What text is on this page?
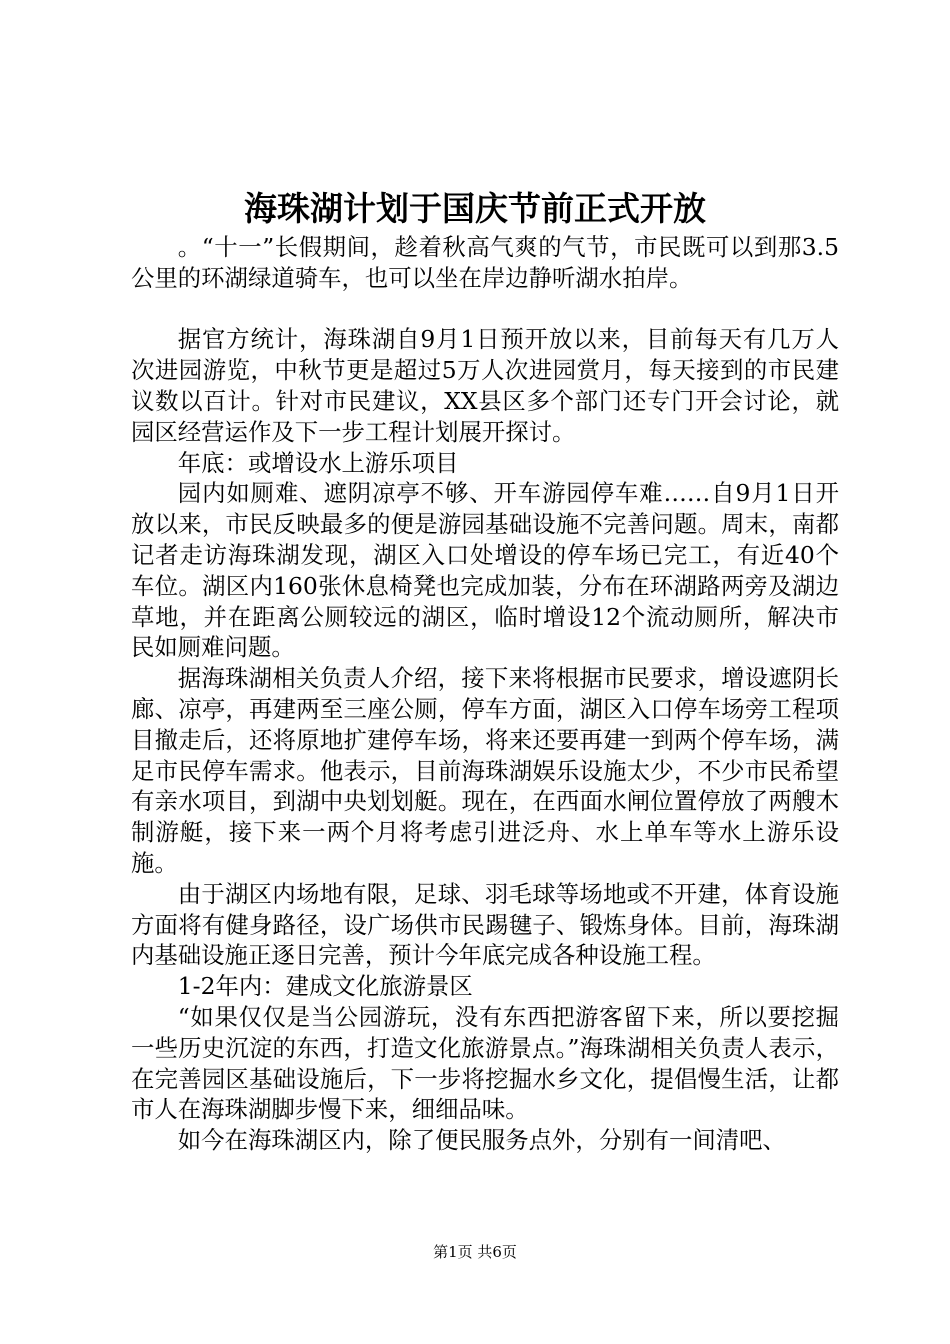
海珠湖计划于国庆节前正式开放

。“十一”长假期间，趁着秋高气爽的气节，市民既可以到那3.5公里的环湖绿道骑车，也可以坐在岸边静听湖水拍岸。

据官方统计，海珠湖自9月1日预开放以来，目前每天有几万人次进园游览，中秋节更是超过5万人次进园赏月，每天接到的市民建议数以百计。针对市民建议，XX县区多个部门还专门开会讨论，就园区经营运作及下一步工程计划展开探讨。

年底：或增设水上游乐项目

园内如厕难、遮阴凉亭不够、开车游园停车难……自9月1日开放以来，市民反映最多的便是游园基础设施不完善问题。周末，南都记者走访海珠湖发现，湖区入口处增设的停车场已完工，有近40个车位。湖区内160张休息椅凳也完成加装，分布在环湖路两旁及湖边草地，并在距离公厕较远的湖区，临时增设12个流动厕所，解决市民如厕难问题。

据海珠湖相关负责人介绍，接下来将根据市民要求，增设遮阴长廊、凉亭，再建两至三座公厕，停车方面，湖区入口停车场旁工程项目撤走后，还将原地扩建停车场，将来还要再建一到两个停车场，满足市民停车需求。他表示，目前海珠湖娱乐设施太少，不少市民希望有亲水项目，到湖中央划划艇。现在，在西面水闸位置停放了两艘木制游艇，接下来一两个月将考虑引进泛舟、水上单车等水上游乐设施。

由于湖区内场地有限，足球、羽毛球等场地或不开建，体育设施方面将有健身路径，设广场供市民踢毽子、锻炼身体。目前，海珠湖内基础设施正逐日完善，预计今年底完成各种设施工程。

1-2年内：建成文化旅游景区

“如果仅仅是当公园游玩，没有东西把游客留下来，所以要挖掘一些历史沉淀的东西，打造文化旅游景点。”海珠湖相关负责人表示，在完善园区基础设施后，下一步将挖掘水乡文化，提倡慢生活，让都市人在海珠湖脚步慢下来，细细品味。

如今在海珠湖区内，除了便民服务点外，分别有一间清吧、

第1页 共6页
